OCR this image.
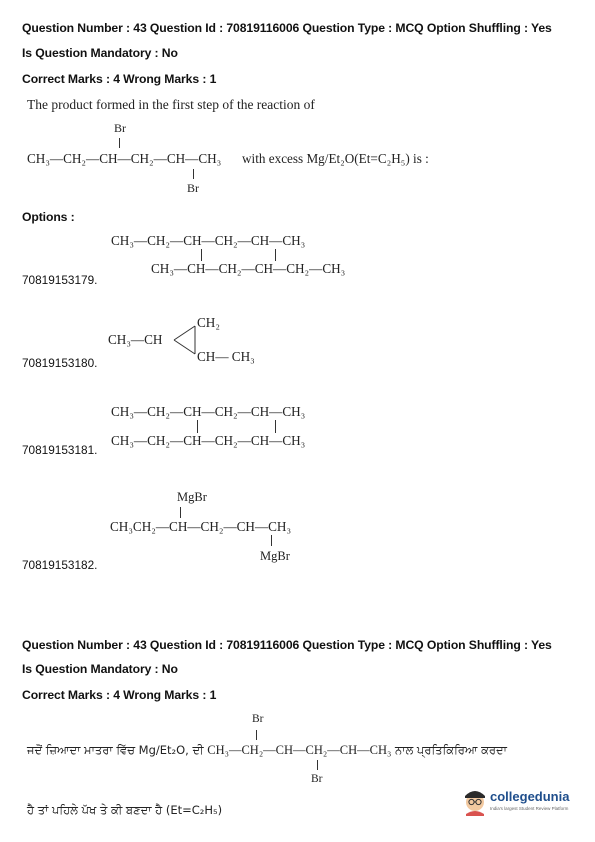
Question Number : 43 Question Id : 70819116006 Question Type : MCQ Option Shuffling : Yes
Is Question Mandatory : No
Correct Marks : 4 Wrong Marks : 1
The product formed in the first step of the reaction of
Br
CH₃—CH₂—CH—CH₂—CH—CH₃ with excess Mg/Et₂O(Et=C₂H₅) is :
Br
Options :
CH₃—CH₂—CH—CH₂—CH—CH₃
CH₃—CH—CH₂—CH—CH₂—CH₃
70819153179.
CH₃—CH
CH₂
CH— CH₃
70819153180.
CH₃—CH₂—CH—CH₂—CH—CH₃
CH₃—CH₂—CH—CH₂—CH—CH₃
70819153181.
MgBr
CH₃CH₂—CH—CH₂—CH—CH₃
MgBr
70819153182.
Question Number : 43 Question Id : 70819116006 Question Type : MCQ Option Shuffling : Yes
Is Question Mandatory : No
Correct Marks : 4 Wrong Marks : 1
Br
ਜਦੋਂ ਜ਼ਿਆਦਾ ਮਾਤਰਾ ਵਿੱਚ Mg/Et₂O, ਦੀ CH₃—CH₂—CH—CH₂—CH—CH₃ ਨਾਲ ਪ੍ਰਤਿਕਿਰਿਆ ਕਰਦਾ
Br
ਹੈ ਤਾਂ ਪਹਿਲੇ ਪੱਖ ਤੇ ਕੀ ਬਣਦਾ ਹੈ (Et=C₂H₅)
collegedunia
India's largest Student Review Platform
